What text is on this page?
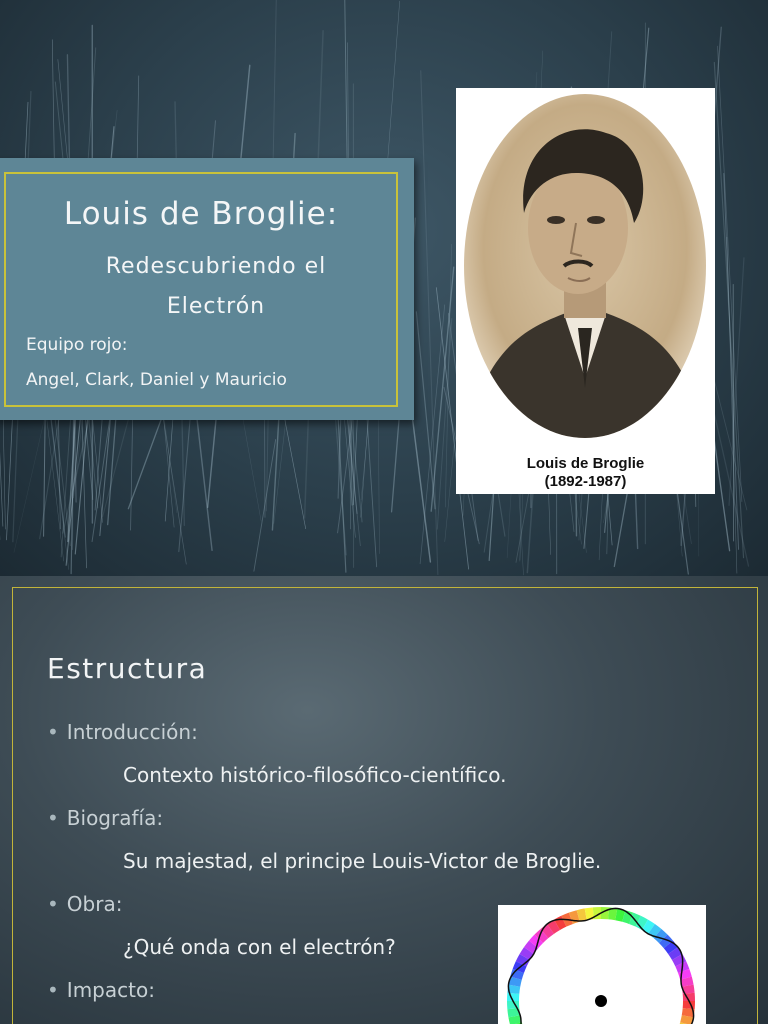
Louis de Broglie:

Redescubriendo el
Electrón

Equipo rojo:

Angel, Clark, Daniel y Mauricio

Louis de Broglie

(1892-1987)

Estructura

• Introducción:

Contexto histórico-filosófico-científico.

• Biografía:

Su majestad, el principe Louis-Victor de Broglie.

• Obra:

¿Qué onda con el electrón?

• Impacto:
